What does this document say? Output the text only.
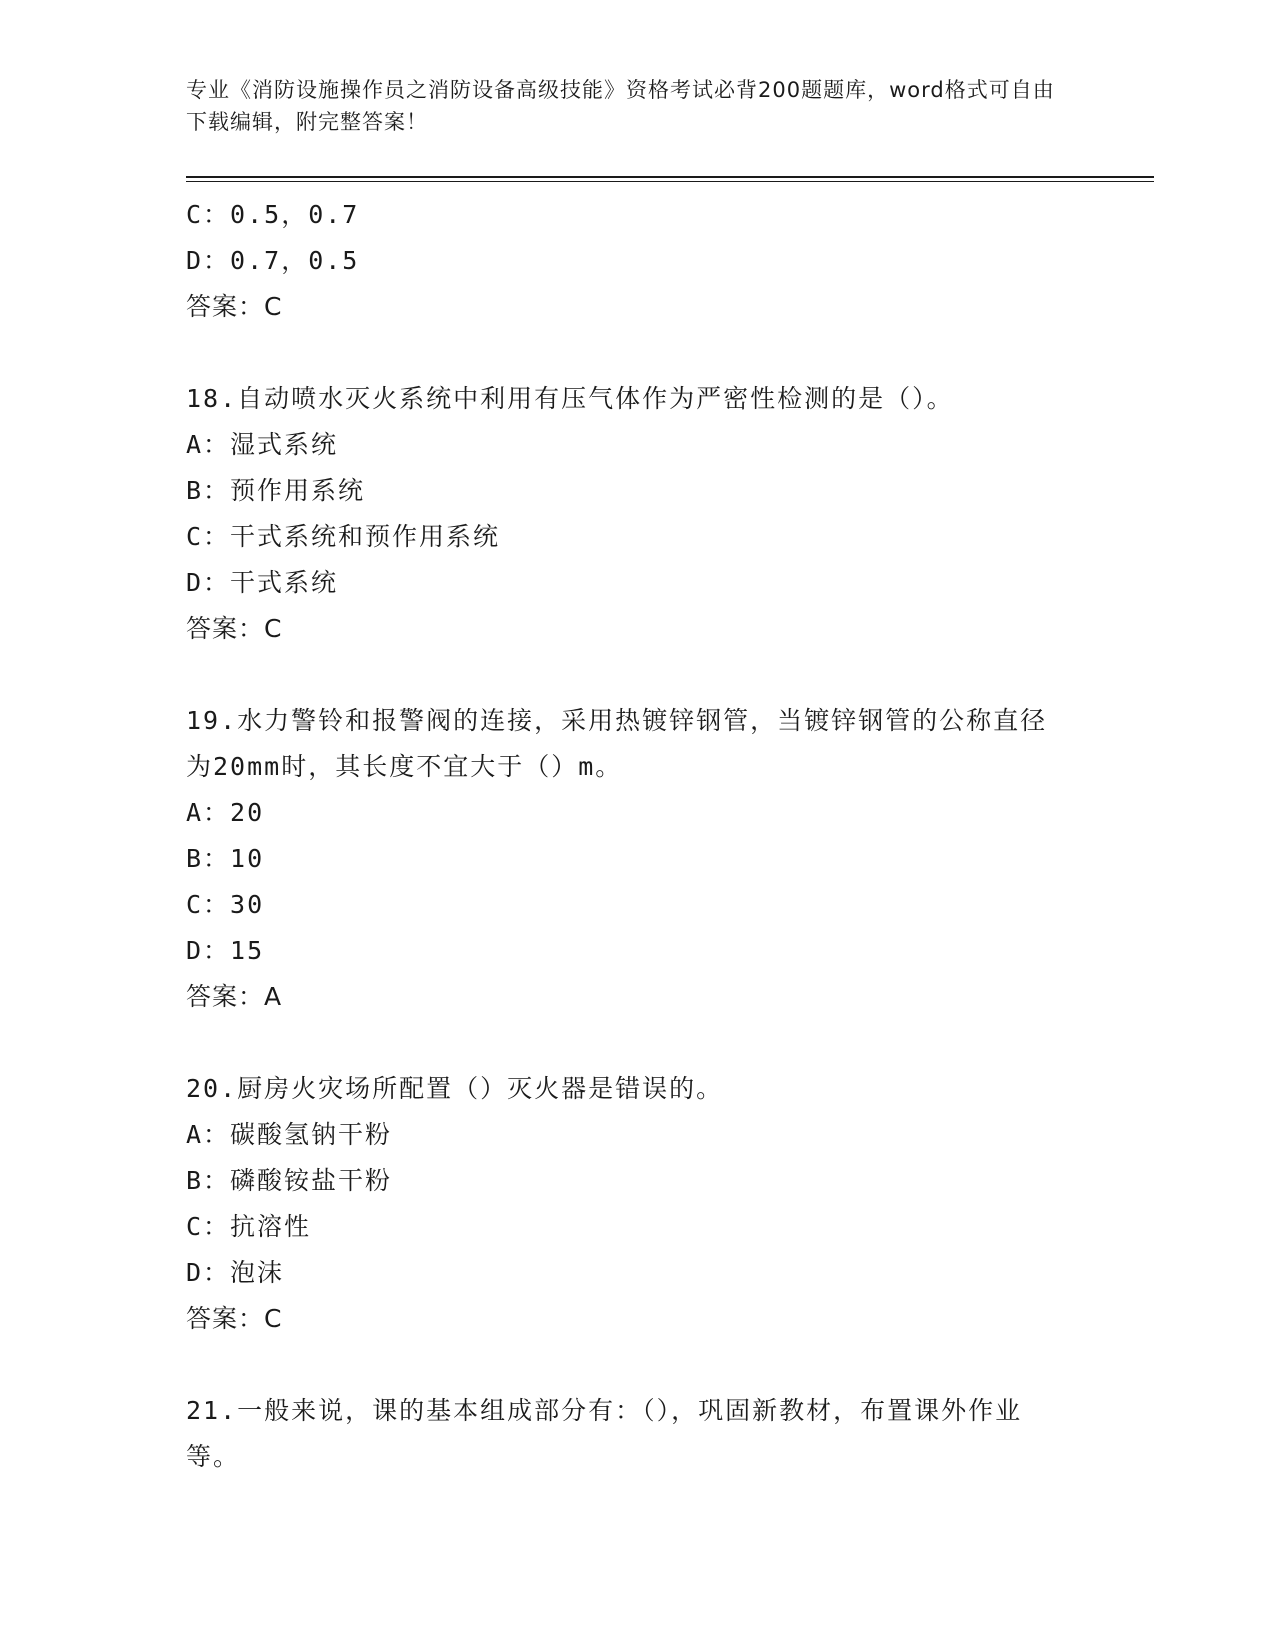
专业《消防设施操作员之消防设备高级技能》资格考试必背200题题库，word格式可自由下载编辑，附完整答案！
C：0.5，0.7
D：0.7，0.5
答案：C
18.自动喷水灭火系统中利用有压气体作为严密性检测的是（）。
A：湿式系统
B：预作用系统
C：干式系统和预作用系统
D：干式系统
答案：C
19.水力警铃和报警阀的连接，采用热镀锌钢管，当镀锌钢管的公称直径为20mm时，其长度不宜大于（）m。
A：20
B：10
C：30
D：15
答案：A
20.厨房火灾场所配置（）灭火器是错误的。
A：碳酸氢钠干粉
B：磷酸铵盐干粉
C：抗溶性
D：泡沫
答案：C
21.一般来说，课的基本组成部分有：（），巩固新教材，布置课外作业等。
